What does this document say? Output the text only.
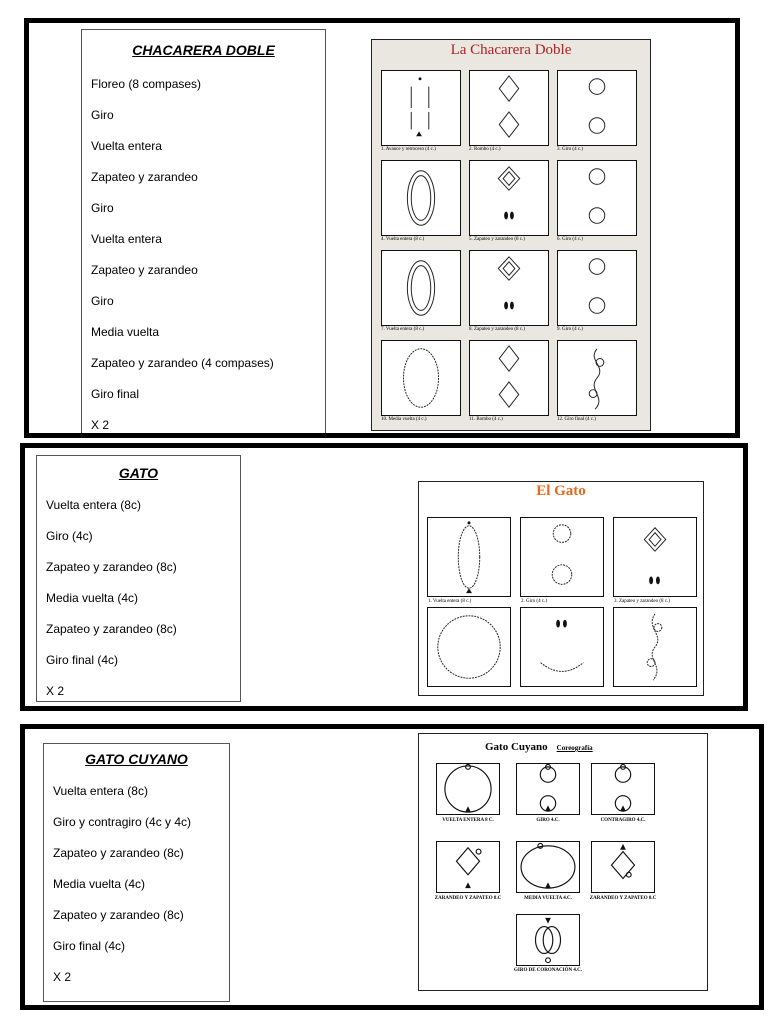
CHACARERA DOBLE
Floreo (8 compases)
Giro
Vuelta entera
Zapateo y zarandeo
Giro
Vuelta entera
Zapateo y zarandeo
Giro
Media vuelta
Zapateo y zarandeo (4 compases)
Giro final
X 2
La Chacarera Doble
1. Avance y retroceso (4 c.)	2. Rombo (4 c.)	3. Giro (4 c.)
4. Vuelta entera (8 c.)	5. Zapateo y zarandeo (8 c.)	6. Giro (4 c.)
7. Vuelta entera (8 c.)	8. Zapateo y zarandeo (8 c.)	9. Giro (4 c.)
10. Media vuelta (4 c.)	11. Rombo (4 c.)	12. Giro final (4 c.)
GATO
Vuelta entera (8c)
Giro (4c)
Zapateo y zarandeo (8c)
Media vuelta (4c)
Zapateo y zarandeo (8c)
Giro final (4c)
X 2
El Gato
1. Vuelta entera (8 c.)	2. Giro (4 c.)	3. Zapateo y zarandeo (8 c.)
GATO CUYANO
Vuelta entera (8c)
Giro y contragiro (4c y 4c)
Zapateo y zarandeo (8c)
Media vuelta (4c)
Zapateo y zarandeo (8c)
Giro final (4c)
X 2
Gato Cuyano Coreografía
VUELTA ENTERA 8 C.	GIRO 4.C.	CONTRAGIRO 4.C.
ZARANDEO Y ZAPATEO 8.C	MEDIA VUELTA 4.C.	ZARANDEO Y ZAPATEO 8.C
GIRO DE CORONACIÓN 4.C.
